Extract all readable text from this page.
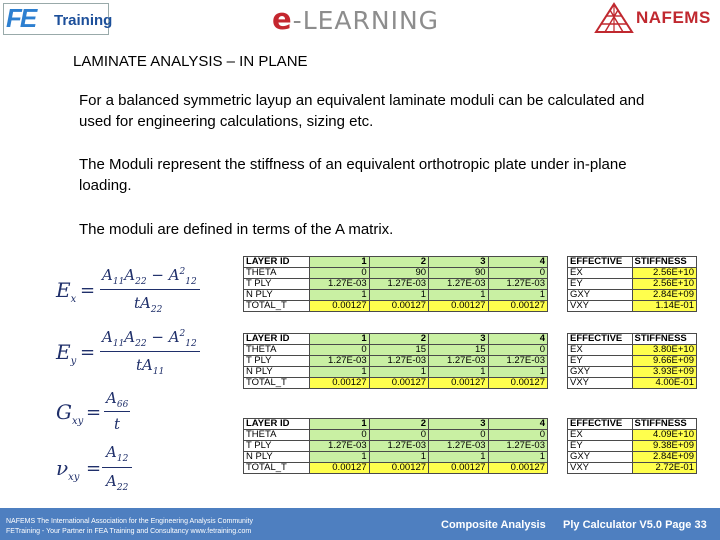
FE Training	e-LEARNING	NAFEMS
LAMINATE ANALYSIS – IN PLANE
For a balanced symmetric layup an equivalent laminate moduli can be calculated and used for engineering calculations, sizing etc.
The Moduli represent the stiffness of an equivalent orthotropic plate under in-plane loading.
The moduli are defined in terms of the A matrix.
$E_x$ =
$A_{11}A_{22} - A^2_{12}$
$tA_{22}$
$E_y$ =
$A_{11}A_{22} - A^2_{12}$
$tA_{11}$
$G_{xy}$ =
$A_{66}$
t
$\nu_{xy}$ =
$A_{12}$
$A_{22}$
LAYER ID	1	2	3	4
THETA	0	90	90	0
T PLY	1.27E-03	1.27E-03	1.27E-03	1.27E-03
N PLY	1	1	1	1
TOTAL_T	0.00127	0.00127	0.00127	0.00127
LAYER ID	1	2	3	4
THETA	0	15	15	0
T PLY	1.27E-03	1.27E-03	1.27E-03	1.27E-03
N PLY	1	1	1	1
TOTAL_T	0.00127	0.00127	0.00127	0.00127
LAYER ID	1	2	3	4
THETA	0	0	0	0
T PLY	1.27E-03	1.27E-03	1.27E-03	1.27E-03
N PLY	1	1	1	1
TOTAL_T	0.00127	0.00127	0.00127	0.00127
EFFECTIVE	STIFFNESS
EX	2.56E+10
EY	2.56E+10
GXY	2.84E+09
VXY	1.14E-01
EFFECTIVE	STIFFNESS
EX	3.80E+10
EY	9.66E+09
GXY	3.93E+09
VXY	4.00E-01
EFFECTIVE	STIFFNESS
EX	4.09E+10
EY	9.38E+09
GXY	2.84E+09
VXY	2.72E-01
NAFEMS The International Association for the Engineering Analysis Community
FETraining - Your Partner in FEA Training and Consultancy www.fetraining.com
Composite Analysis Ply Calculator V5.0 Page 33
